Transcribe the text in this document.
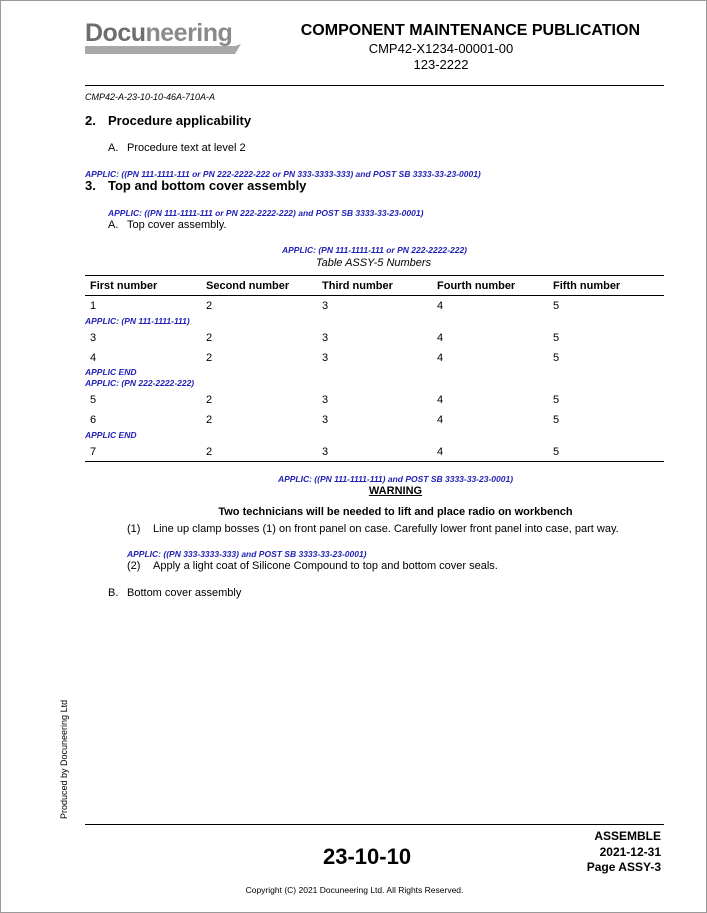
Docuneering	COMPONENT MAINTENANCE PUBLICATION
CMP42-X1234-00001-00
123-2222
CMP42-A-23-10-10-46A-710A-A
2. Procedure applicability
A. Procedure text at level 2
APPLIC: ((PN 111-1111-111 or PN 222-2222-222 or PN 333-3333-333) and POST SB 3333-33-23-0001)
3. Top and bottom cover assembly
APPLIC: ((PN 111-1111-111 or PN 222-2222-222) and POST SB 3333-33-23-0001)
A. Top cover assembly.
APPLIC: (PN 111-1111-111 or PN 222-2222-222)
Table ASSY-5 Numbers
First number	Second number	Third number	Fourth number	Fifth number
1	2	3	4	5
APPLIC: (PN 111-1111-111)
3	2	3	4	5
4	2	3	4	5
APPLIC END
APPLIC: (PN 222-2222-222)
5	2	3	4	5
6	2	3	4	5
APPLIC END
7	2	3	4	5
APPLIC: ((PN 111-1111-111) and POST SB 3333-33-23-0001)
WARNING
Two technicians will be needed to lift and place radio on workbench
(1) Line up clamp bosses (1) on front panel on case. Carefully lower front panel into case, part way.
APPLIC: ((PN 333-3333-333) and POST SB 3333-33-23-0001)
(2) Apply a light coat of Silicone Compound to top and bottom cover seals.
B. Bottom cover assembly
Produced by Docuneering Ltd
23-10-10
ASSEMBLE
2021-12-31
Page ASSY-3
Copyright (C) 2021 Docuneering Ltd. All Rights Reserved.
